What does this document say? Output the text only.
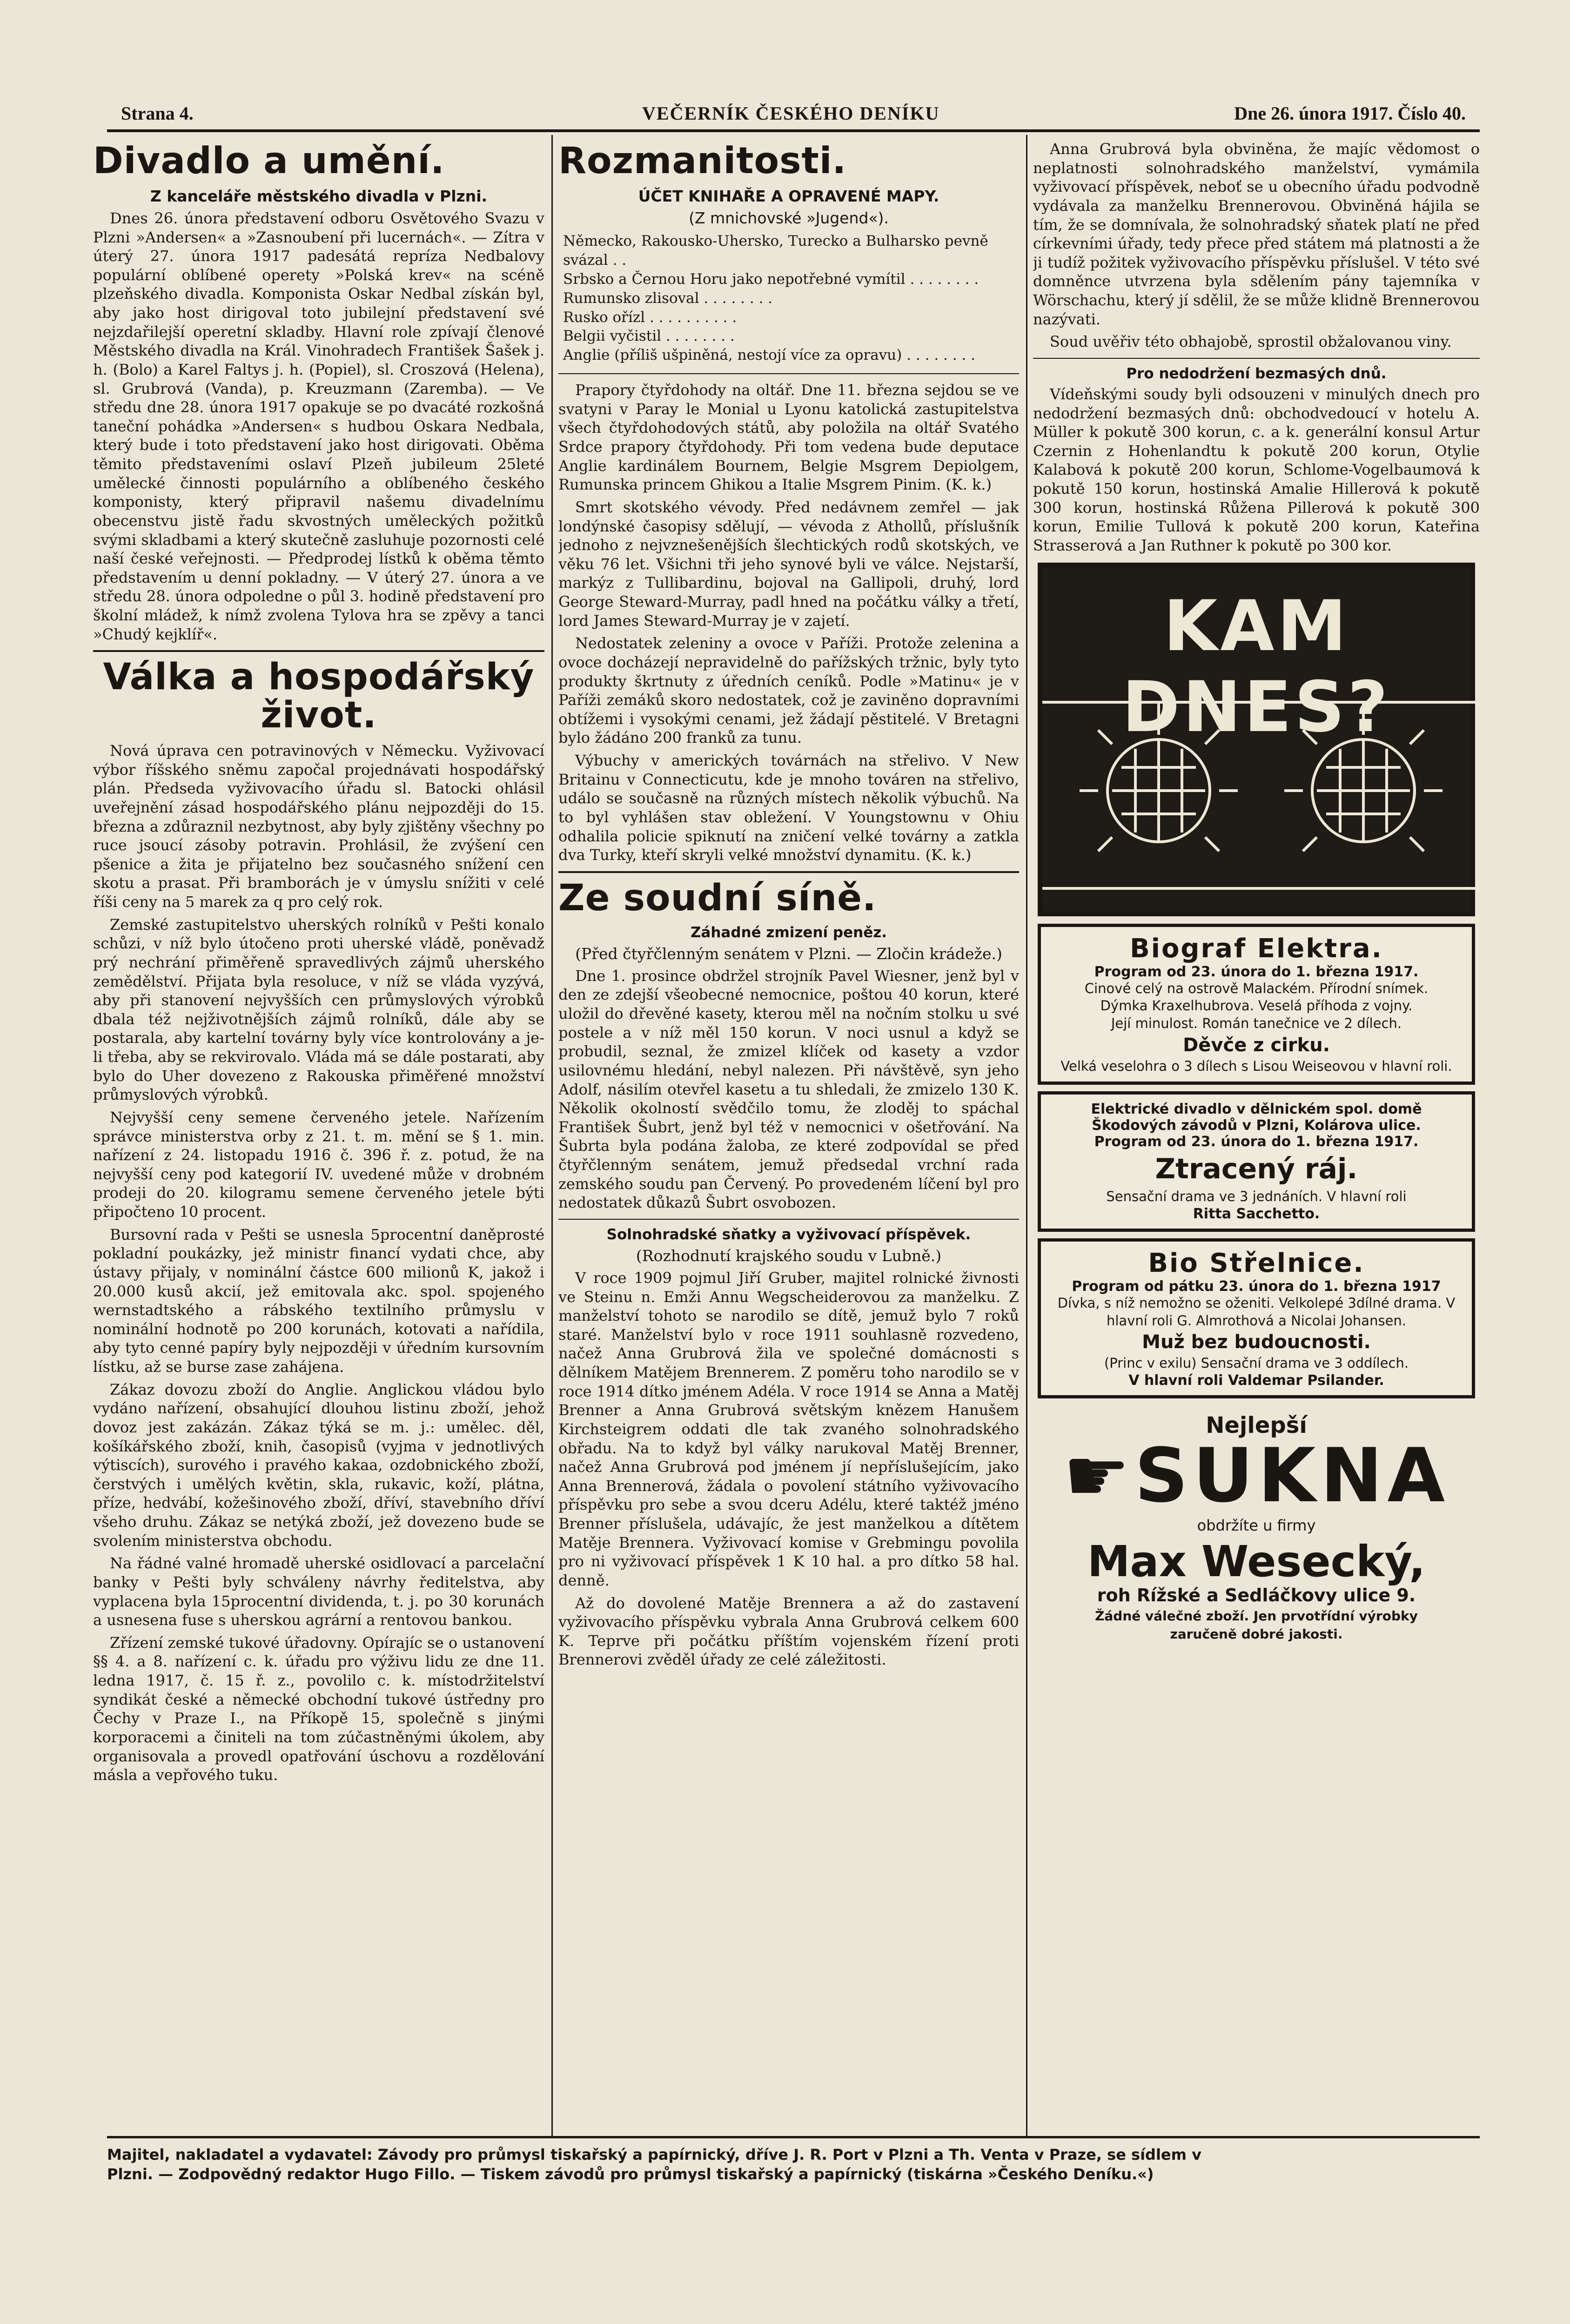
Strana 4.	VEČERNÍK ČESKÉHO DENÍKU	Dne 26. února 1917. Číslo 40.
Divadlo a umění.
Z kanceláře městského divadla v Plzni.

Dnes 26. února představení odboru Osvětového Svazu v Plzni »Andersen« a »Zasnoubení při lucernách«. — Zítra v úterý 27. února 1917 padesátá repríza Nedbalovy populární oblíbené operety »Polská krev« na scéně plzeňského divadla. Komponista Oskar Nedbal získán byl, aby jako host dirigoval toto jubilejní představení své nejzdařilejší operetní skladby. Hlavní role zpívají členové Městského divadla na Král. Vinohradech František Šašek j. h. (Bolo) a Karel Faltys j. h. (Popiel), sl. Croszová (Helena), sl. Grubrová (Vanda), p. Kreuzmann (Zaremba). — Ve středu dne 28. února 1917 opakuje se po dvacáté rozkošná taneční pohádka »Andersen« s hudbou Oskara Nedbala, který bude i toto představení jako host dirigovati. Oběma těmito představeními oslaví Plzeň jubileum 25leté umělecké činnosti populárního a oblíbeného českého komponisty, který připravil našemu divadelnímu obecenstvu jistě řadu skvostných uměleckých požitků svými skladbami a který skutečně zasluhuje pozornosti celé naší české veřejnosti. — Předprodej lístků k oběma těmto představením u denní pokladny. — V úterý 27. února a ve středu 28. února odpoledne o půl 3. hodině představení pro školní mládež, k nímž zvolena Tylova hra se zpěvy a tanci »Chudý kejklíř«.

Válka a hospodářský život.

Nová úprava cen potravinových v Německu. Vyživovací výbor říšského sněmu započal projednávati hospodářský plán. Předseda vyživovacího úřadu sl. Batocki ohlásil uveřejnění zásad hospodářského plánu nejpozději do 15. března a zdůraznil nezbytnost, aby byly zjištěny všechny po ruce jsoucí zásoby potravin. Prohlásil, že zvýšení cen pšenice a žita je přijatelno bez současného snížení cen skotu a prasat. Při bramborách je v úmyslu snížiti v celé říši ceny na 5 marek za q pro celý rok.

Zemské zastupitelstvo uherských rolníků v Pešti konalo schůzi, v níž bylo útočeno proti uherské vládě, poněvadž prý nechrání přiměřeně spravedlivých zájmů uherského zemědělství. Přijata byla resoluce, v níž se vláda vyzývá, aby při stanovení nejvyšších cen průmyslových výrobků dbala též nejživotnějších zájmů rolníků, dále aby se postarala, aby kartelní továrny byly více kontrolovány a je-li třeba, aby se rekvirovalo. Vláda má se dále postarati, aby bylo do Uher dovezeno z Rakouska přiměřené množství průmyslových výrobků.

Nejvyšší ceny semene červeného jetele. Nařízením správce ministerstva orby z 21. t. m. mění se § 1. min. nařízení z 24. listopadu 1916 č. 396 ř. z. potud, že na nejvyšší ceny pod kategorií IV. uvedené může v drobném prodeji do 20. kilogramu semene červeného jetele býti připočteno 10 procent.

Bursovní rada v Pešti se usnesla 5procentní daněprosté pokladní poukázky, jež ministr financí vydati chce, aby ústavy přijaly, v nominální částce 600 milionů K, jakož i 20.000 kusů akcií, jež emitovala akc. spol. spojeného wernstadtského a rábského textilního průmyslu v nominální hodnotě po 200 korunách, kotovati a nařídila, aby tyto cenné papíry byly nejpozději v úředním kursovním lístku, až se burse zase zahájena.

Zákaz dovozu zboží do Anglie. Anglickou vládou bylo vydáno nařízení, obsahující dlouhou listinu zboží, jehož dovoz jest zakázán. Zákaz týká se m. j.: umělec. děl, košíkářského zboží, knih, časopisů (vyjma v jednotlivých výtiscích), surového i pravého kakaa, ozdobnického zboží, čerstvých i umělých květin, skla, rukavic, koží, plátna, příze, hedvábí, kožešinového zboží, dříví, stavebního dříví všeho druhu. Zákaz se netýká zboží, jež dovezeno bude se svolením ministerstva obchodu.

Na řádné valné hromadě uherské osidlovací a parcelační banky v Pešti byly schváleny návrhy ředitelstva, aby vyplacena byla 15procentní dividenda, t. j. po 30 korunách a usnesena fuse s uherskou agrární a rentovou bankou.

Zřízení zemské tukové úřadovny. Opírajíc se o ustanovení §§ 4. a 8. nařízení c. k. úřadu pro výživu lidu ze dne 11. ledna 1917, č. 15 ř. z., povolilo c. k. místodržitelství syndikát české a německé obchodní tukové ústředny pro Čechy v Praze I., na Příkopě 15, společně s jinými korporacemi a činiteli na tom zúčastněnými úkolem, aby organisovala a provedl opatřování úschovu a rozdělování másla a vepřového tuku.

Rozmanitosti.
ÚČET KNIHAŘE A OPRAVENÉ MAPY.
(Z mnichovské »Jugend«).
Německo, Rakousko-Uhersko, Turecko a Bulharsko pevně svázal . .
Srbsko a Černou Horu jako nepotřebné vymítil . . . . . . . .
Rumunsko zlisoval . . . . . . . .
Rusko ořízl . . . . . . . . . .
Belgii vyčistil . . . . . . . .
Anglie (příliš ušpiněná, nestojí více za opravu) . . . . . . . .

Prapory čtyřdohody na oltář. Dne 11. března sejdou se ve svatyni v Paray le Monial u Lyonu katolická zastupitelstva všech čtyřdohodových států, aby položila na oltář Svatého Srdce prapory čtyřdohody. Při tom vedena bude deputace Anglie kardinálem Bournem, Belgie Msgrem Depiolgem, Rumunska princem Ghikou a Italie Msgrem Pinim. (K. k.)

Smrt skotského vévody. Před nedávnem zemřel — jak londýnské časopisy sdělují, — vévoda z Athollů, příslušník jednoho z nejvznešenějších šlechtických rodů skotských, ve věku 76 let. Všichni tři jeho synové byli ve válce. Nejstarší, markýz z Tullibardinu, bojoval na Gallipoli, druhý, lord George Steward-Murray, padl hned na počátku války a třetí, lord James Steward-Murray je v zajetí.

Nedostatek zeleniny a ovoce v Paříži. Protože zelenina a ovoce docházejí nepravidelně do pařížských tržnic, byly tyto produkty škrtnuty z úředních ceníků. Podle »Matinu« je v Paříži zemáků skoro nedostatek, což je zaviněno dopravními obtížemi i vysokými cenami, jež žádají pěstitelé. V Bretagni bylo žádáno 200 franků za tunu.

Výbuchy v amerických továrnách na střelivo. V New Britainu v Connecticutu, kde je mnoho továren na střelivo, událo se současně na různých místech několik výbuchů. Na to byl vyhlášen stav obležení. V Youngstownu v Ohiu odhalila policie spiknutí na zničení velké továrny a zatkla dva Turky, kteří skryli velké množství dynamitu. (K. k.)

Ze soudní síně.
Záhadné zmizení peněz.
(Před čtyřčlenným senátem v Plzni. — Zločin krádeže.)

Dne 1. prosince obdržel strojník Pavel Wiesner, jenž byl v den ze zdejší všeobecné nemocnice, poštou 40 korun, které uložil do dřevěné kasety, kterou měl na nočním stolku u své postele a v níž měl 150 korun. V noci usnul a když se probudil, seznal, že zmizel klíček od kasety a vzdor usilovnému hledání, nebyl nalezen. Při návštěvě, syn jeho Adolf, násilím otevřel kasetu a tu shledali, že zmizelo 130 K. Několik okolností svědčilo tomu, že zloděj to spáchal František Šubrt, jenž byl též v nemocnici v ošetřování. Na Šubrta byla podána žaloba, ze které zodpovídal se před čtyřčlenným senátem, jemuž předsedal vrchní rada zemského soudu pan Červený. Po provedeném líčení byl pro nedostatek důkazů Šubrt osvobozen.

Solnohradské sňatky a vyživovací příspěvek.
(Rozhodnutí krajského soudu v Lubně.)

V roce 1909 pojmul Jiří Gruber, majitel rolnické živnosti ve Steinu n. Emži Annu Wegscheiderovou za manželku. Z manželství tohoto se narodilo se dítě, jemuž bylo 7 roků staré. Manželství bylo v roce 1911 souhlasně rozvedeno, načež Anna Grubrová žila ve společné domácnosti s dělníkem Matějem Brennerem. Z poměru toho narodilo se v roce 1914 dítko jménem Adéla. V roce 1914 se Anna a Matěj Brenner a Anna Grubrová světským knězem Hanušem Kirchsteigrem oddati dle tak zvaného solnohradského obřadu. Na to když byl války narukoval Matěj Brenner, načež Anna Grubrová pod jménem jí nepříslušejícím, jako Anna Brennerová, žádala o povolení státního vyživovacího příspěvku pro sebe a svou dceru Adélu, které taktéž jméno Brenner příslušela, udávajíc, že jest manželkou a dítětem Matěje Brennera. Vyživovací komise v Grebmingu povolila pro ni vyživovací příspěvek 1 K 10 hal. a pro dítko 58 hal. denně.

Až do dovolené Matěje Brennera a až do zastavení vyživovacího příspěvku vybrala Anna Grubrová celkem 600 K. Teprve při počátku příštím vojenském řízení proti Brennerovi zvěděl úřady ze celé záležitosti.

Anna Grubrová byla obviněna, že majíc vědomost o neplatnosti solnohradského manželství, vymámila vyživovací příspěvek, neboť se u obecního úřadu podvodně vydávala za manželku Brennerovou. Obviněná hájila se tím, že se domnívala, že solnohradský sňatek platí ne před církevními úřady, tedy přece před státem má platnosti a že ji tudíž požitek vyživovacího příspěvku příslušel. V této své domněnce utvrzena byla sdělením pány tajemníka v Wörschachu, který jí sdělil, že se může klidně Brennerovou nazývati.

Soud uvěřiv této obhajobě, sprostil obžalovanou viny.

Pro nedodržení bezmasých dnů.

Vídeňskými soudy byli odsouzeni v minulých dnech pro nedodržení bezmasých dnů: obchodvedoucí v hotelu A. Müller k pokutě 300 korun, c. a k. generální konsul Artur Czernin z Hohenlandtu k pokutě 200 korun, Otylie Kalabová k pokutě 200 korun, Schlome-Vogelbaumová k pokutě 150 korun, hostinská Amalie Hillerová k pokutě 300 korun, hostinská Růžena Pillerová k pokutě 300 korun, Emilie Tullová k pokutě 200 korun, Kateřina Strasserová a Jan Ruthner k pokutě po 300 kor.

KAM DNES?
Biograf Elektra.
Program od 23. února do 1. března 1917.
Cinové celý na ostrově Malackém. Přírodní snímek.
Dýmka Kraxelhubrova. Veselá příhoda z vojny.
Její minulost. Román tanečnice ve 2 dílech.
Děvče z cirku.
Velká veselohra o 3 dílech s Lisou Weiseovou v hlavní roli.
Elektrické divadlo v dělnickém spol. domě
Škodových závodů v Plzni, Kolárova ulice.
Program od 23. února do 1. března 1917.
Ztracený ráj.
Sensační drama ve 3 jednáních. V hlavní roli
Ritta Sacchetto.
Bio Střelnice.
Program od pátku 23. února do 1. března 1917
Dívka, s níž nemožno se oženiti. Velkolepé 3dílné drama. V hlavní roli G. Almrothová a Nicolai Johansen.
Muž bez budoucnosti.
(Princ v exilu) Sensační drama ve 3 oddílech.
V hlavní roli Valdemar Psilander.
Nejlepší
☛SUKNA
obdržíte u firmy
Max Wesecký,
roh Rížské a Sedláčkovy ulice 9.
Žádné válečné zboží. Jen prvotřídní výrobky
zaručeně dobré jakosti.
Majitel, nakladatel a vydavatel: Závody pro průmysl tiskařský a papírnický, dříve J. R. Port v Plzni a Th. Venta v Praze, se sídlem v
Plzni. — Zodpovědný redaktor Hugo Fillo. — Tiskem závodů pro průmysl tiskařský a papírnický (tiskárna »Českého Deníku.«)
